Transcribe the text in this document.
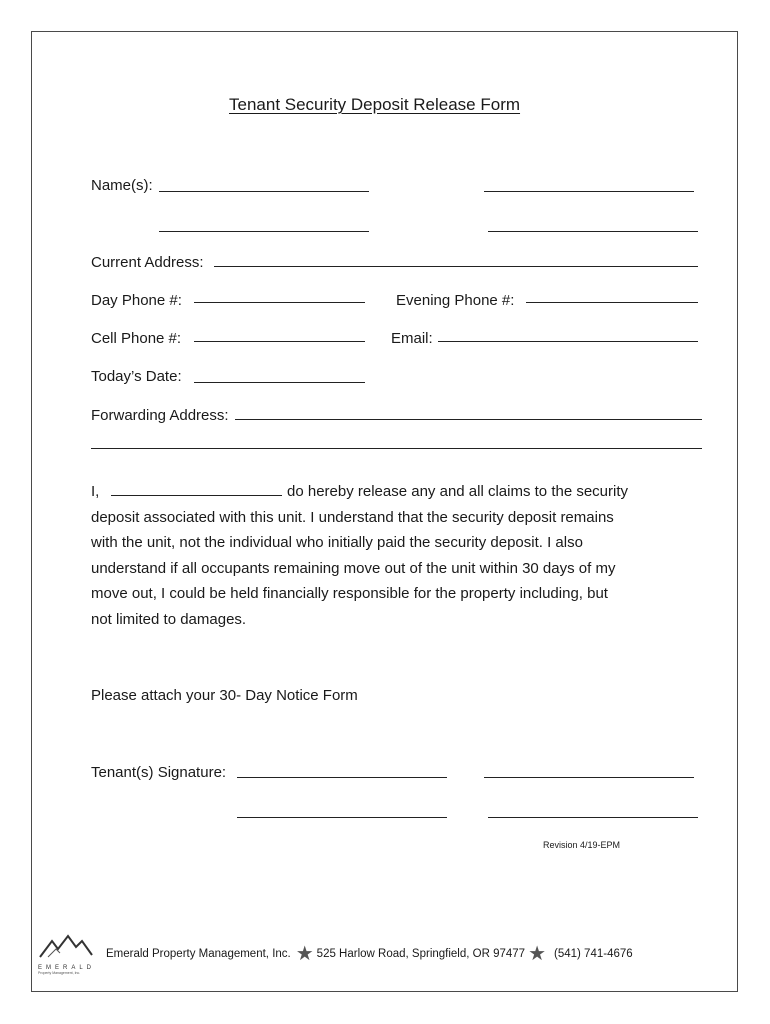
Tenant Security Deposit Release Form
Name(s):
Current Address:
Day Phone #:	Evening Phone #:
Cell Phone #:	Email:
Today’s Date:
Forwarding Address:
I,	do hereby release any and all claims to the security
deposit associated with this unit. I understand that the security deposit remains
with the unit, not the individual who initially paid the security deposit. I also
understand if all occupants remaining move out of the unit within 30 days of my
move out, I could be held financially responsible for the property including, but
not limited to damages.
Please attach your 30- Day Notice Form
Tenant(s) Signature:
Revision 4/19-EPM
EMERALD
Property Management, Inc.
Emerald Property Management, Inc. ★ 525 Harlow Road, Springfield, OR 97477 ★ (541) 741-4676
